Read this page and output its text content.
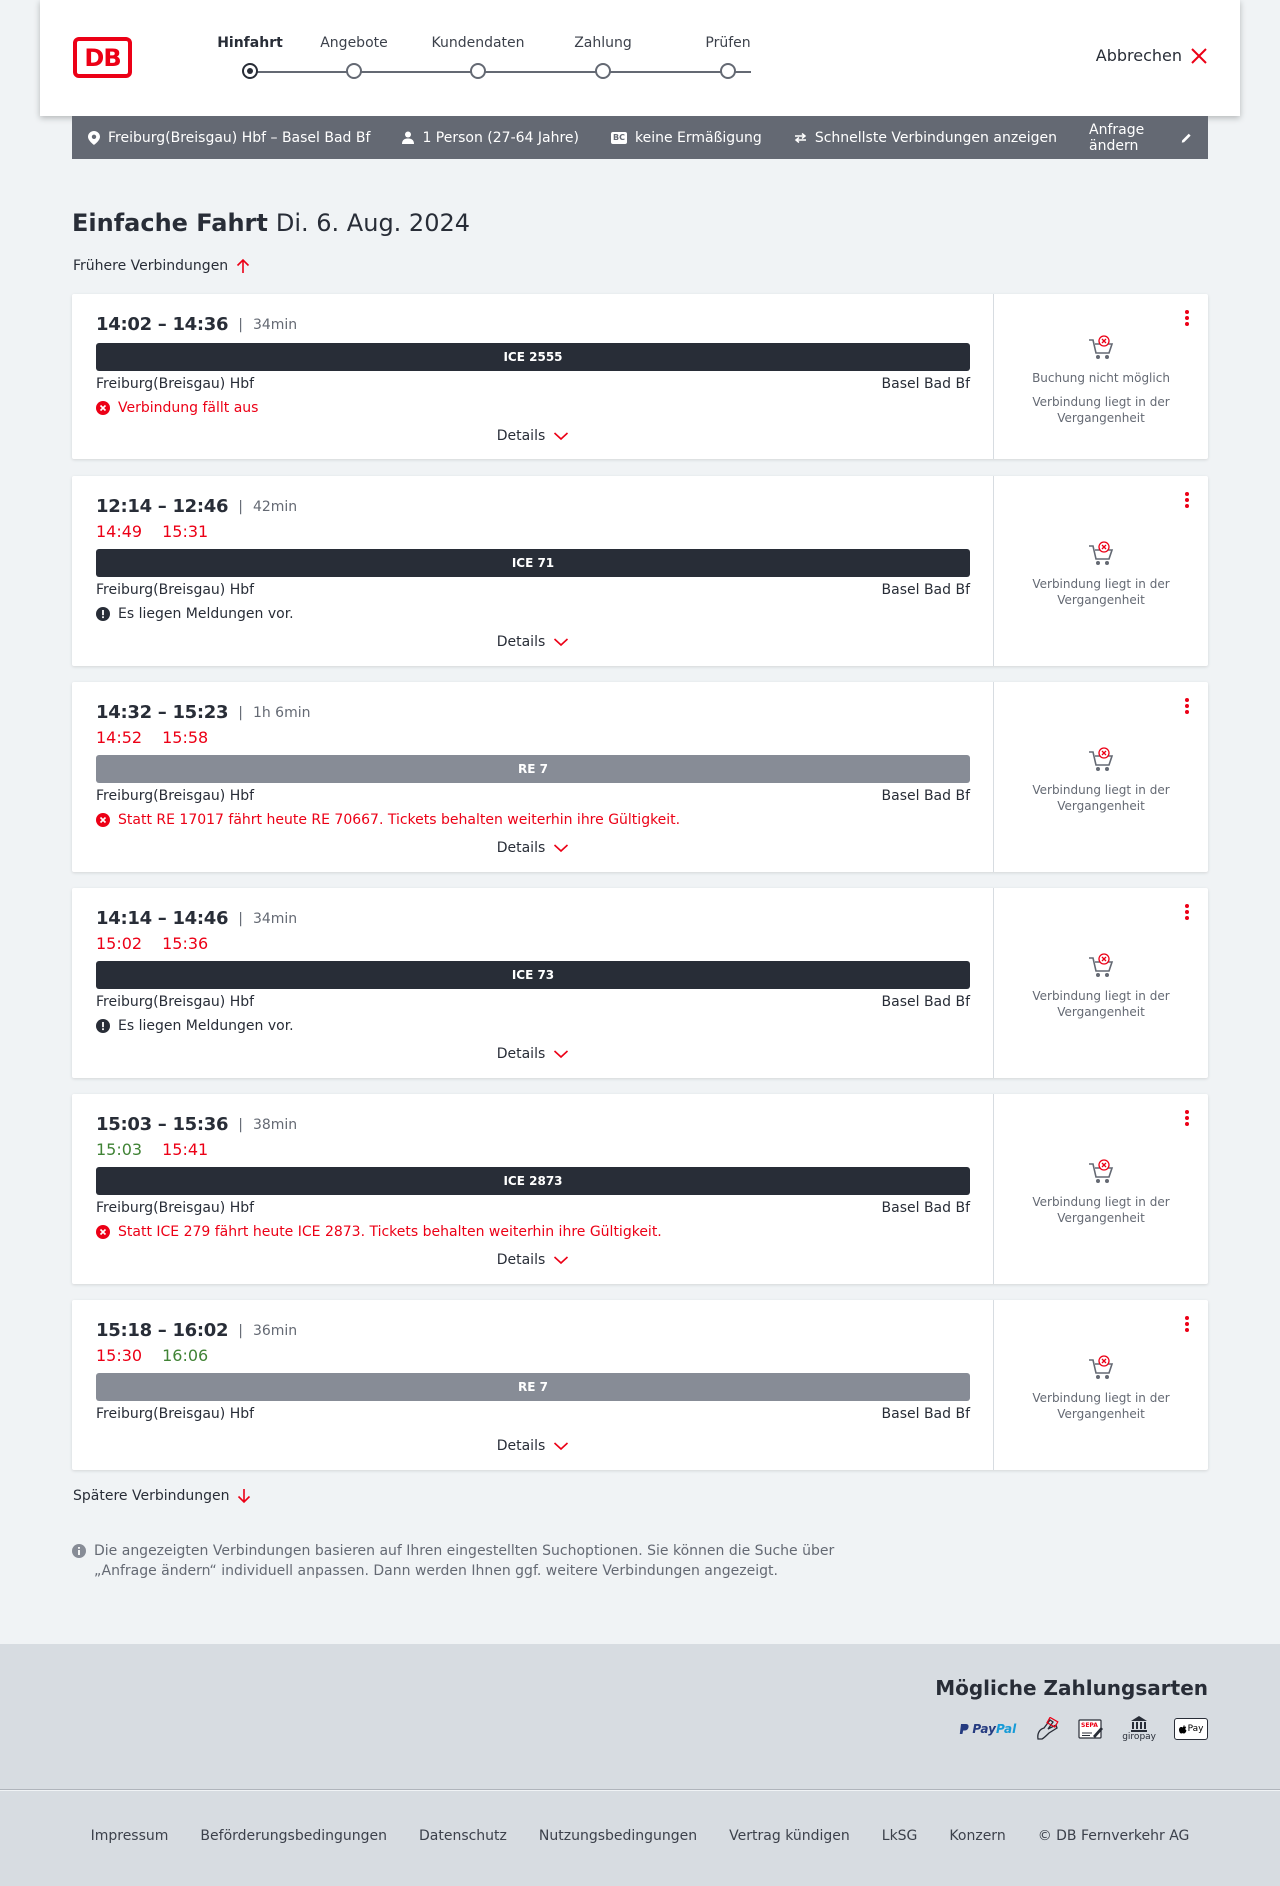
DB
Hinfahrt	Angebote	Kundendaten	Zahlung	Prüfen
Abbrechen
Freiburg(Breisgau) Hbf – Basel Bad Bf	1 Person (27-64 Jahre)	BC keine Ermäßigung	Schnellste Verbindungen anzeigen Anfrage ändern
Einfache Fahrt Di. 6. Aug. 2024
Frühere Verbindungen
14:02 – 14:36 | 34min
ICE 2555
Freiburg(Breisgau) Hbf	Basel Bad Bf
Verbindung fällt aus
Details
Buchung nicht möglich
Verbindung liegt in der Vergangenheit
12:14 – 12:46 | 42min
14:49 15:31
ICE 71
Freiburg(Breisgau) Hbf	Basel Bad Bf
Es liegen Meldungen vor.
Details
Verbindung liegt in der Vergangenheit
14:32 – 15:23 | 1h 6min
14:52 15:58
RE 7
Freiburg(Breisgau) Hbf	Basel Bad Bf
Statt RE 17017 fährt heute RE 70667. Tickets behalten weiterhin ihre Gültigkeit.
Details
Verbindung liegt in der Vergangenheit
14:14 – 14:46 | 34min
15:02 15:36
ICE 73
Freiburg(Breisgau) Hbf	Basel Bad Bf
Es liegen Meldungen vor.
Details
Verbindung liegt in der Vergangenheit
15:03 – 15:36 | 38min
15:03 15:41
ICE 2873
Freiburg(Breisgau) Hbf	Basel Bad Bf
Statt ICE 279 fährt heute ICE 2873. Tickets behalten weiterhin ihre Gültigkeit.
Details
Verbindung liegt in der Vergangenheit
15:18 – 16:02 | 36min
15:30 16:06
RE 7
Freiburg(Breisgau) Hbf	Basel Bad Bf
Details
Verbindung liegt in der Vergangenheit
Spätere Verbindungen
Die angezeigten Verbindungen basieren auf Ihren eingestellten Suchoptionen. Sie können die Suche über „Anfrage ändern“ individuell anpassen. Dann werden Ihnen ggf. weitere Verbindungen angezeigt.
Mögliche Zahlungsarten
Pay Pal	SEPA
giropay
Pay
Impressum Beförderungsbedingungen Datenschutz Nutzungsbedingungen Vertrag kündigen LkSG Konzern © DB Fernverkehr AG
